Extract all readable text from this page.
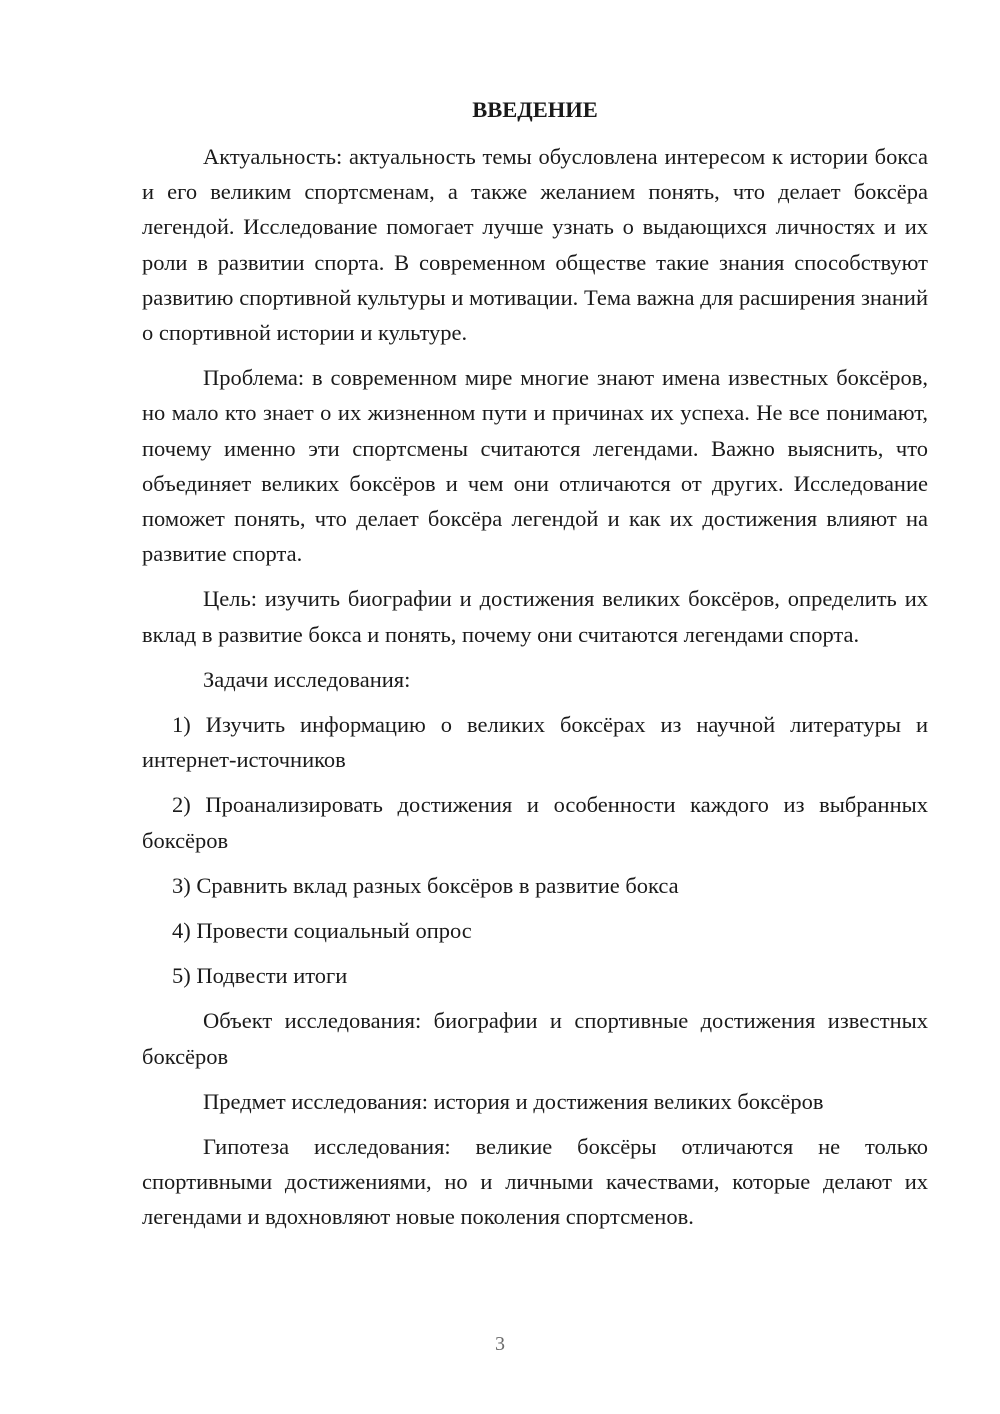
ВВЕДЕНИЕ

Актуальность: актуальность темы обусловлена интересом к истории бокса и его великим спортсменам, а также желанием понять, что делает боксёра легендой. Исследование помогает лучше узнать о выдающихся личностях и их роли в развитии спорта. В современном обществе такие знания способствуют развитию спортивной культуры и мотивации. Тема важна для расширения знаний о спортивной истории и культуре.

Проблема: в современном мире многие знают имена известных боксёров, но мало кто знает о их жизненном пути и причинах их успеха. Не все понимают, почему именно эти спортсмены считаются легендами. Важно выяснить, что объединяет великих боксёров и чем они отличаются от других. Исследование поможет понять, что делает боксёра легендой и как их достижения влияют на развитие спорта.

Цель: изучить биографии и достижения великих боксёров, определить их вклад в развитие бокса и понять, почему они считаются легендами спорта.

Задачи исследования:

1) Изучить информацию о великих боксёрах из научной литературы и интернет-источников

2) Проанализировать достижения и особенности каждого из выбранных боксёров

3) Сравнить вклад разных боксёров в развитие бокса

4) Провести социальный опрос

5) Подвести итоги

Объект исследования: биографии и спортивные достижения известных боксёров

Предмет исследования: история и достижения великих боксёров

Гипотеза исследования: великие боксёры отличаются не только спортивными достижениями, но и личными качествами, которые делают их легендами и вдохновляют новые поколения спортсменов.

3
